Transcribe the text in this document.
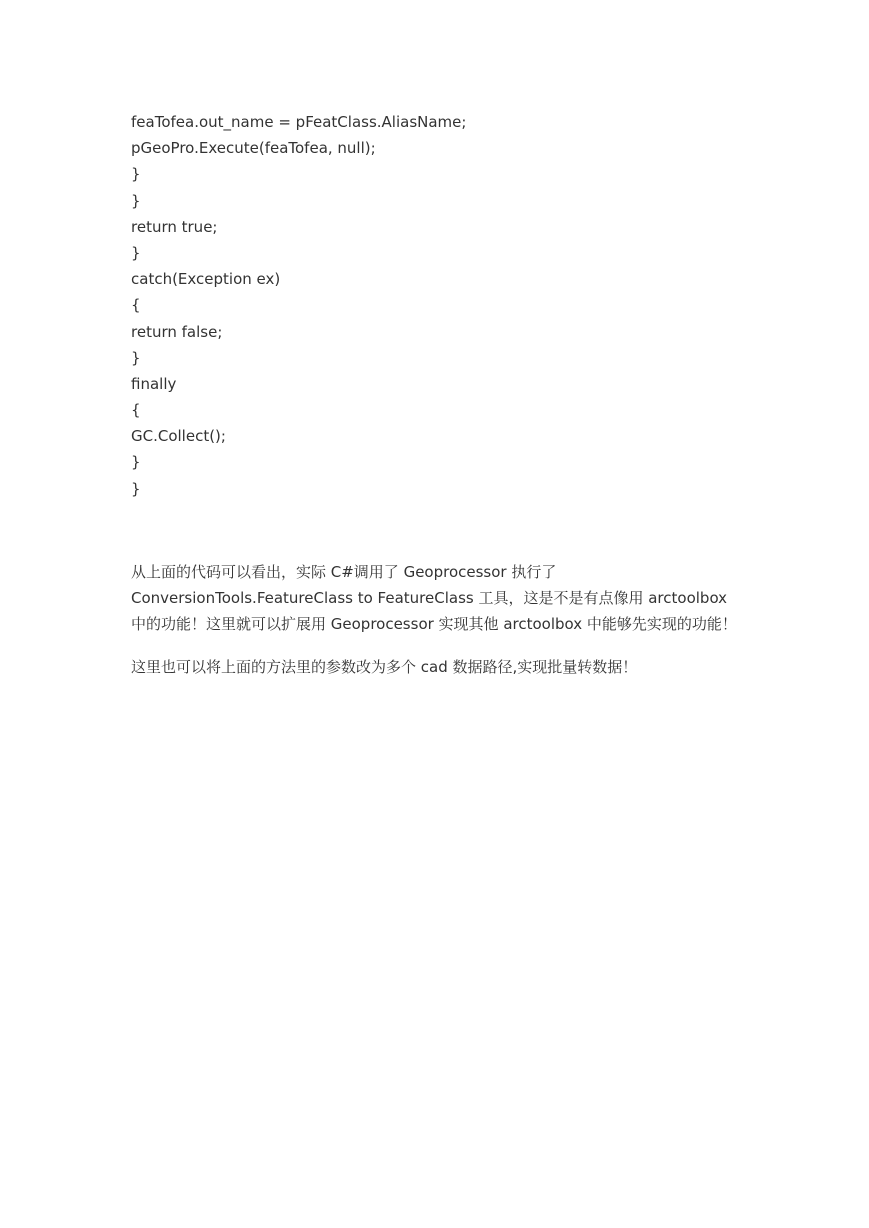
feaTofea.out_name = pFeatClass.AliasName;
pGeoPro.Execute(feaTofea, null);
}
}
return true;
}
catch(Exception ex)
{
return false;
}
finally
{
GC.Collect();
}
}

从上面的代码可以看出，实际 C#调用了 Geoprocessor 执行了 ConversionTools.FeatureClass to FeatureClass 工具，这是不是有点像用 arctoolbox 中的功能！这里就可以扩展用 Geoprocessor 实现其他 arctoolbox 中能够先实现的功能！

这里也可以将上面的方法里的参数改为多个 cad 数据路径,实现批量转数据！
